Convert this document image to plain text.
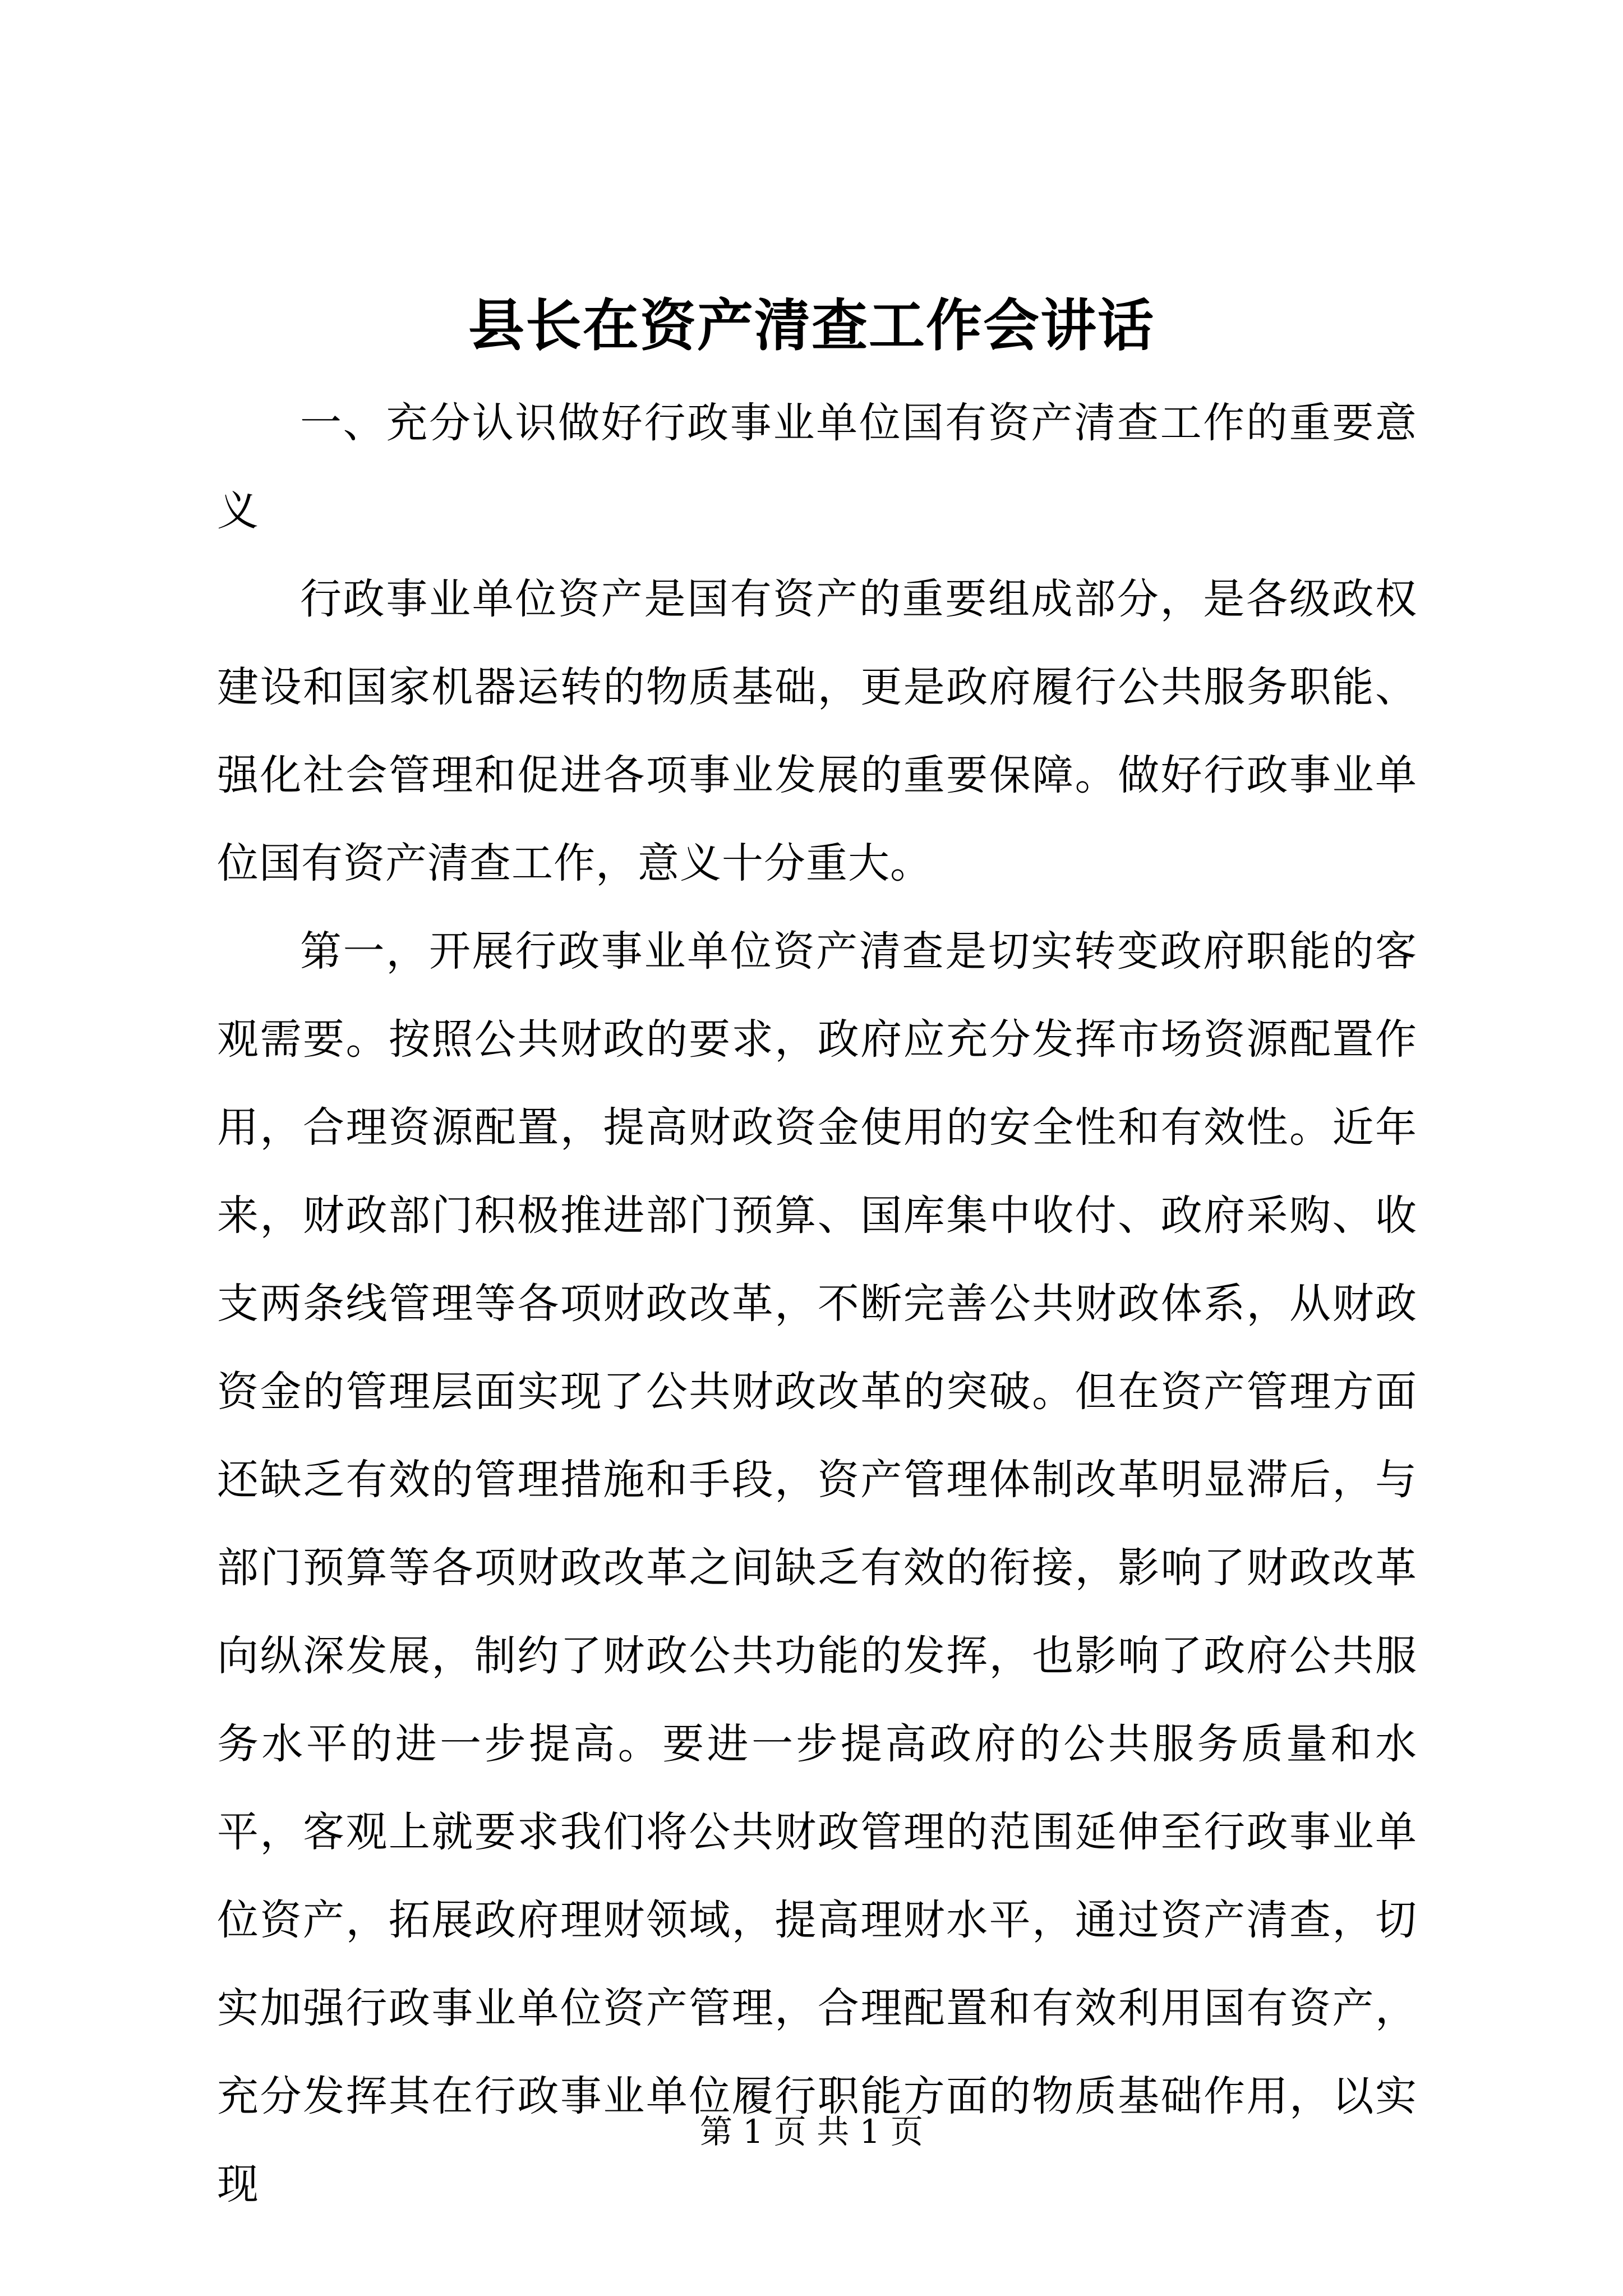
县长在资产清查工作会讲话

一、充分认识做好行政事业单位国有资产清查工作的重要意义

行政事业单位资产是国有资产的重要组成部分，是各级政权建设和国家机器运转的物质基础，更是政府履行公共服务职能、强化社会管理和促进各项事业发展的重要保障。做好行政事业单位国有资产清查工作，意义十分重大。

第一，开展行政事业单位资产清查是切实转变政府职能的客观需要。按照公共财政的要求，政府应充分发挥市场资源配置作用，合理资源配置，提高财政资金使用的安全性和有效性。近年来，财政部门积极推进部门预算、国库集中收付、政府采购、收支两条线管理等各项财政改革，不断完善公共财政体系，从财政资金的管理层面实现了公共财政改革的突破。但在资产管理方面还缺乏有效的管理措施和手段，资产管理体制改革明显滞后，与部门预算等各项财政改革之间缺乏有效的衔接，影响了财政改革向纵深发展，制约了财政公共功能的发挥，也影响了政府公共服务水平的进一步提高。要进一步提高政府的公共服务质量和水平，客观上就要求我们将公共财政管理的范围延伸至行政事业单位资产，拓展政府理财领域，提高理财水平，通过资产清查，切实加强行政事业单位资产管理，合理配置和有效利用国有资产，充分发挥其在行政事业单位履行职能方面的物质基础作用，以实现

第 1 页 共 1 页
